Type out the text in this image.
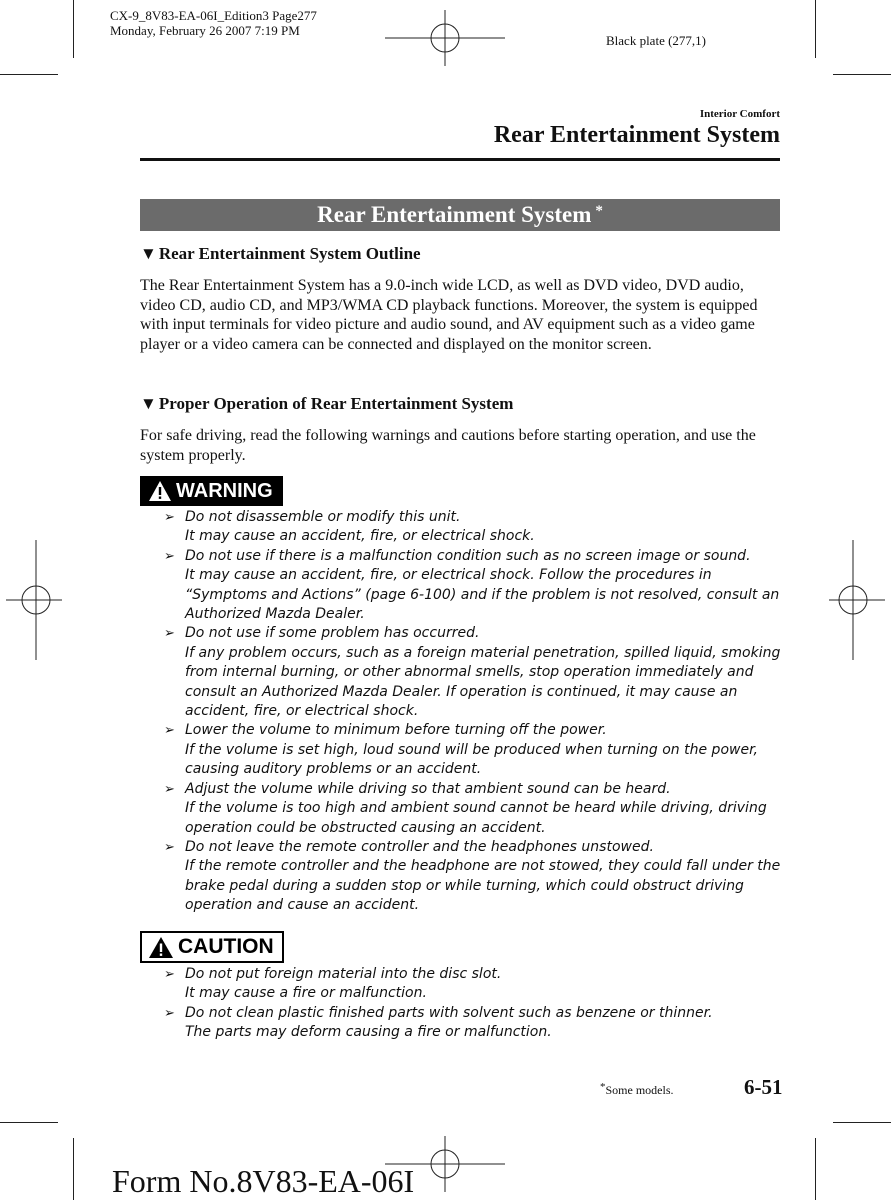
CX-9_8V83-EA-06I_Edition3 Page277
Monday, February 26 2007 7:19 PM
Black plate (277,1)
Interior Comfort
Rear Entertainment System
Rear Entertainment System *
▼ Rear Entertainment System Outline
The Rear Entertainment System has a 9.0-inch wide LCD, as well as DVD video, DVD audio, video CD, audio CD, and MP3/WMA CD playback functions. Moreover, the system is equipped with input terminals for video picture and audio sound, and AV equipment such as a video game player or a video camera can be connected and displayed on the monitor screen.
▼ Proper Operation of Rear Entertainment System
For safe driving, read the following warnings and cautions before starting operation, and use the system properly.
WARNING
➢ Do not disassemble or modify this unit.
It may cause an accident, fire, or electrical shock.
➢ Do not use if there is a malfunction condition such as no screen image or sound.
It may cause an accident, fire, or electrical shock. Follow the procedures in “Symptoms and Actions” (page 6-100) and if the problem is not resolved, consult an Authorized Mazda Dealer.
➢ Do not use if some problem has occurred.
If any problem occurs, such as a foreign material penetration, spilled liquid, smoking from internal burning, or other abnormal smells, stop operation immediately and consult an Authorized Mazda Dealer. If operation is continued, it may cause an accident, fire, or electrical shock.
➢ Lower the volume to minimum before turning off the power.
If the volume is set high, loud sound will be produced when turning on the power, causing auditory problems or an accident.
➢ Adjust the volume while driving so that ambient sound can be heard.
If the volume is too high and ambient sound cannot be heard while driving, driving operation could be obstructed causing an accident.
➢ Do not leave the remote controller and the headphones unstowed.
If the remote controller and the headphone are not stowed, they could fall under the brake pedal during a sudden stop or while turning, which could obstruct driving operation and cause an accident.
CAUTION
➢ Do not put foreign material into the disc slot.
It may cause a fire or malfunction.
➢ Do not clean plastic finished parts with solvent such as benzene or thinner.
The parts may deform causing a fire or malfunction.
*Some models.	6-51
Form No.8V83-EA-06I
